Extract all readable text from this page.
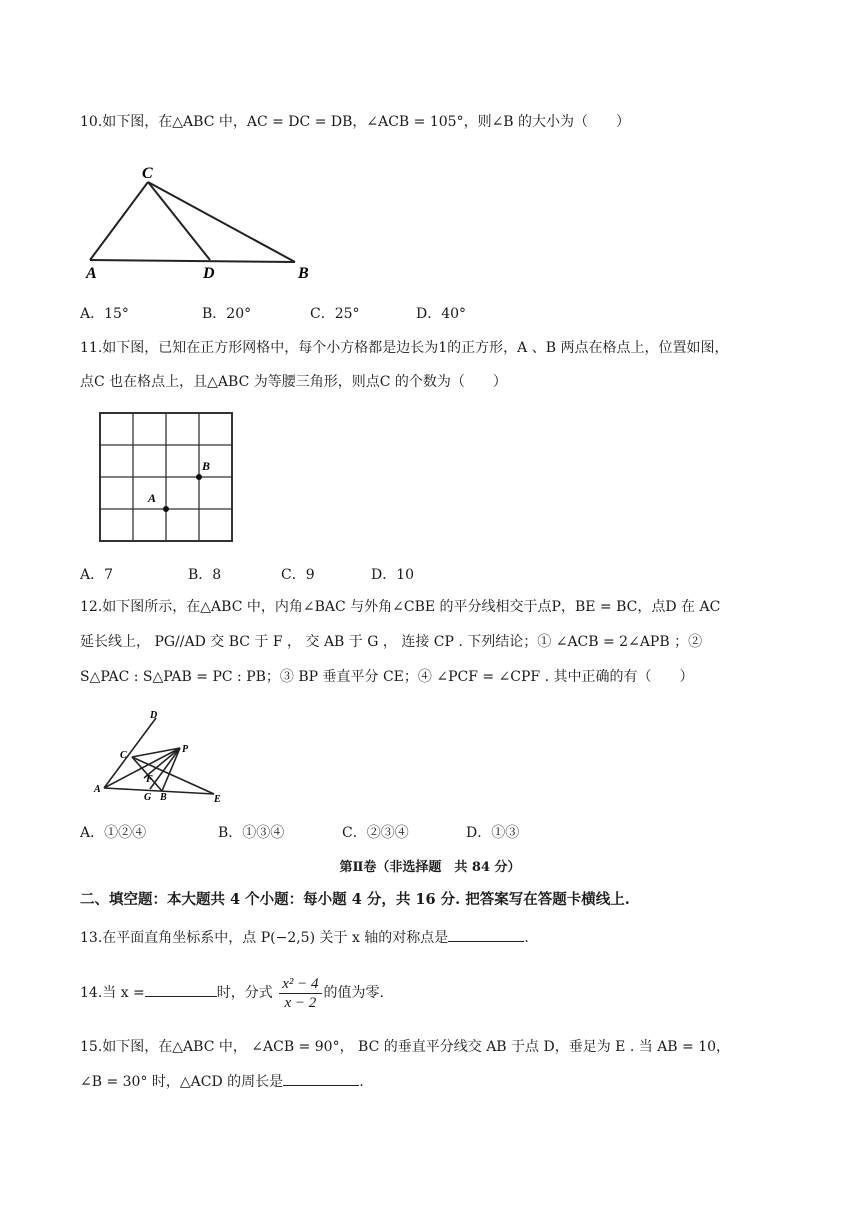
10.如下图，在△ABC 中，AC = DC = DB，∠ACB = 105°，则∠B 的大小为（　　）
C
A	D	B
A．15°	B．20°	C．25°	D．40°
11.如下图，已知在正方形网格中，每个小方格都是边长为1的正方形，A 、B 两点在格点上，位置如图，
点C 也在格点上，且△ABC 为等腰三角形，则点C 的个数为（　　）
A
B
A．7	B．8	C．9	D．10
12.如下图所示，在△ABC 中，内角∠BAC 与外角∠CBE 的平分线相交于点P，BE = BC，点D 在 AC
延长线上， PG//AD 交 BC 于 F ， 交 AB 于 G ， 连接 CP . 下列结论；① ∠ACB = 2∠APB ；②
S△PAC : S△PAB = PC : PB；③ BP 垂直平分 CE；④ ∠PCF = ∠CPF . 其中正确的有（　　）
D
C
P
F
A
G B	E
A．①②④	B．①③④	C．②③④	D．①③
第Ⅱ卷（非选择题　共 84 分）
二、填空题：本大题共 4 个小题：每小题 4 分，共 16 分. 把答案写在答题卡横线上.
13.在平面直角坐标系中，点 P(−2,5) 关于 x 轴的对称点是	.
14.当 x =	时，分式 $\frac{\text{x² − 4}}{x - 2}$ 的值为零.
15.如下图，在△ABC 中， ∠ACB = 90°， BC 的垂直平分线交 AB 于点 D，垂足为 E . 当 AB = 10，
∠B = 30° 时，△ACD 的周长是	.
